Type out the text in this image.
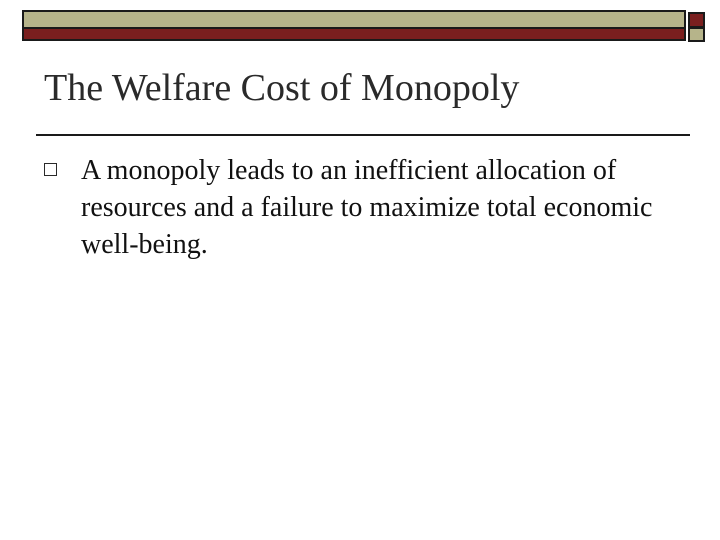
The Welfare Cost of Monopoly
A monopoly leads to an inefficient allocation of resources and a failure to maximize total economic well-being.
